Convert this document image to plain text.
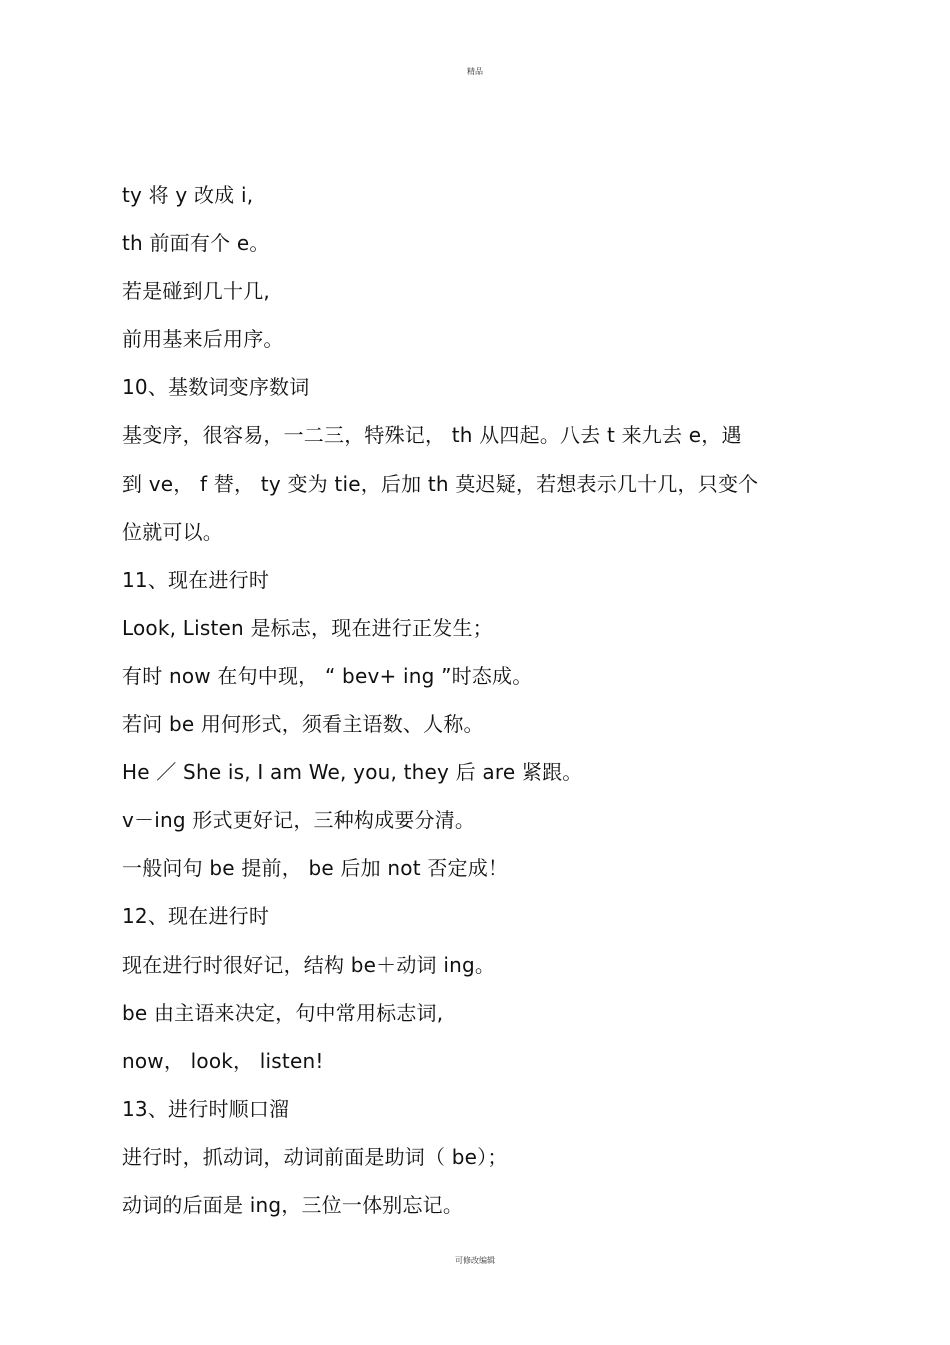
精品
ty 将 y 改成 i,
th 前面有个 e。
若是碰到几十几,
前用基来后用序。
10、基数词变序数词
基变序，很容易，一二三，特殊记， th 从四起。八去 t 来九去 e，遇
到 ve， f 替， ty 变为 tie，后加 th 莫迟疑，若想表示几十几，只变个
位就可以。
11、现在进行时
Look, Listen 是标志，现在进行正发生；
有时 now 在句中现， “ bev+ ing ”时态成。
若问 be 用何形式，须看主语数、人称。
He ／ She is, I am We, you, they 后 are 紧跟。
v－ing 形式更好记，三种构成要分清。
一般问句 be 提前， be 后加 not 否定成！
12、现在进行时
现在进行时很好记，结构 be＋动词 ing。
be 由主语来决定，句中常用标志词,
now， look， listen!
13、进行时顺口溜
进行时，抓动词，动词前面是助词（ be）；
动词的后面是 ing，三位一体别忘记。
可修改编辑
